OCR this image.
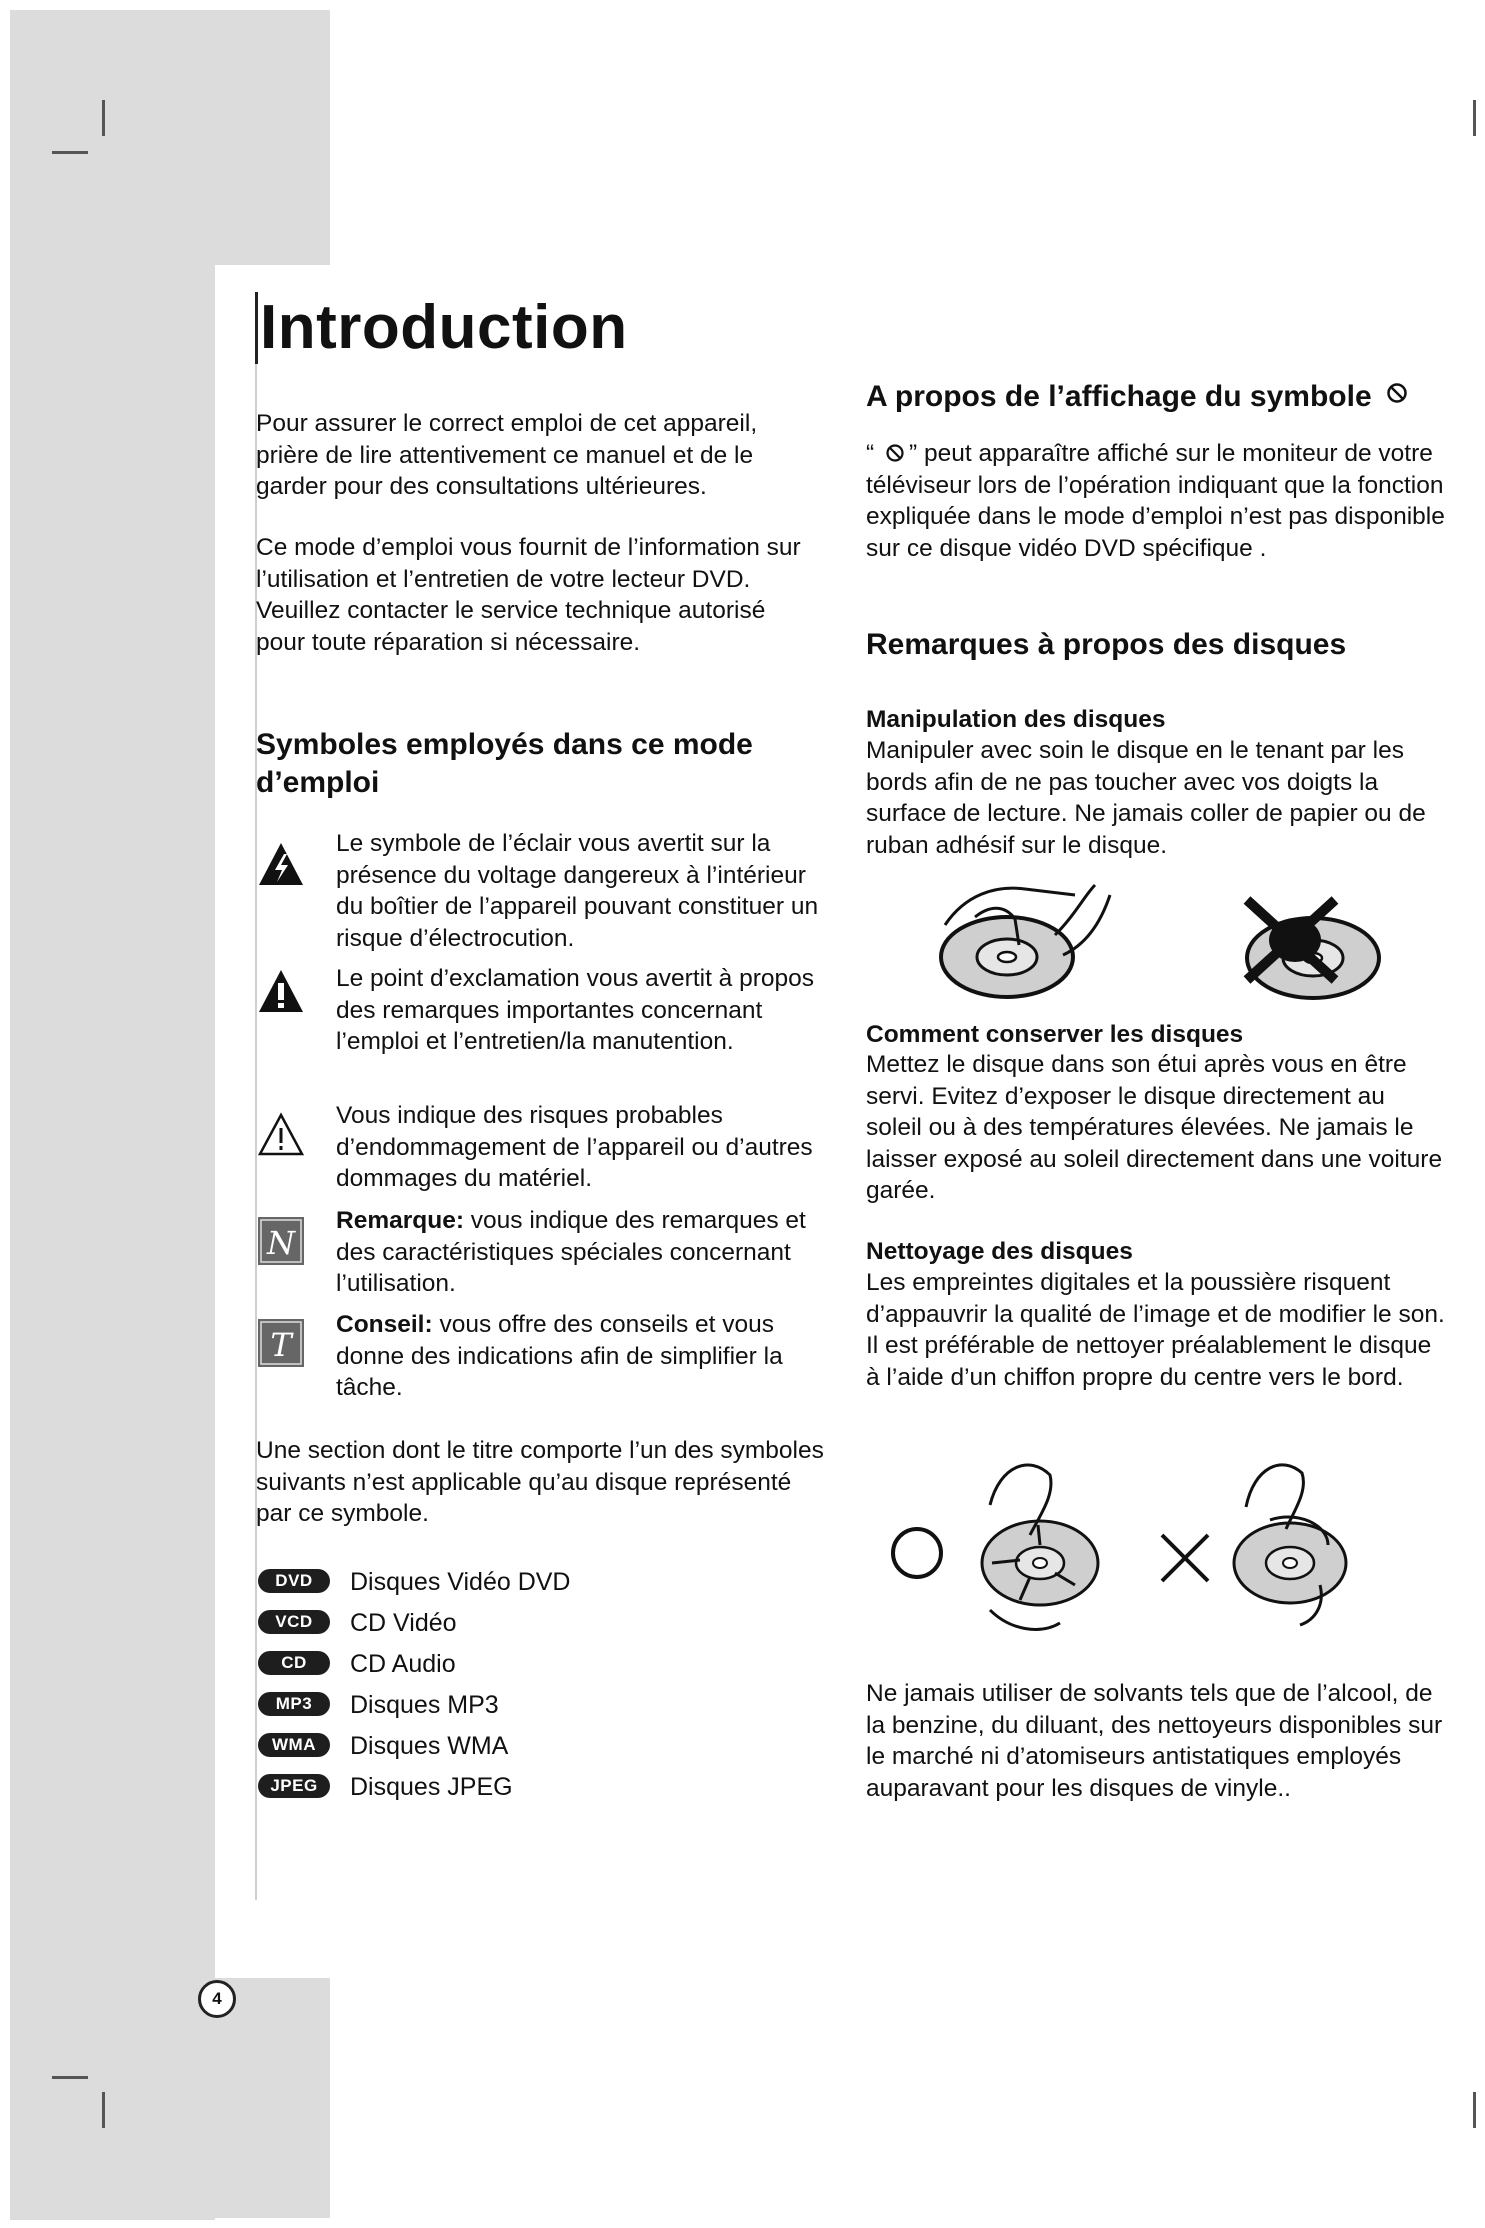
Introduction

Pour assurer le correct emploi de cet appareil, prière de lire attentivement ce manuel et de le garder pour des consultations ultérieures.

Ce mode d’emploi vous fournit de l’information sur l’utilisation et l’entretien de votre lecteur DVD. Veuillez contacter le service technique autorisé pour toute réparation si nécessaire.

Symboles employés dans ce mode d’emploi

Le symbole de l’éclair vous avertit sur la présence du voltage dangereux à l’intérieur du boîtier de l’appareil pouvant constituer un risque d’électrocution.

Le point d’exclamation vous avertit à propos des remarques importantes concernant l’emploi et l’entretien/la manutention.

Vous indique des risques probables d’endommagement de l’appareil ou d’autres dommages du matériel.

N

Remarque: vous indique des remarques et des caractéristiques spéciales concernant l’utilisation.

T

Conseil: vous offre des conseils et vous donne des indications afin de simplifier la tâche.

Une section dont le titre comporte l’un des symboles suivants n’est applicable qu’au disque représenté par ce symbole.

DVD	Disques Vidéo DVD
VCD	CD Vidéo
CD	CD Audio
MP3	Disques MP3
WMA	Disques WMA
JPEG	Disques JPEG
4
A propos de l’affichage du symbole

“ ” peut apparaître affiché sur le moniteur de votre téléviseur lors de l’opération indiquant que la fonction expliquée dans le mode d’emploi n’est pas disponible sur ce disque vidéo DVD spécifique .

Remarques à propos des disques
Manipulation des disques

Manipuler avec soin le disque en le tenant par les bords afin de ne pas toucher avec vos doigts la surface de lecture. Ne jamais coller de papier ou de ruban adhésif sur le disque.

Comment conserver les disques

Mettez le disque dans son étui après vous en être servi. Evitez d’exposer le disque directement au soleil ou à des températures élevées. Ne jamais le laisser exposé au soleil directement dans une voiture garée.

Nettoyage des disques

Les empreintes digitales et la poussière risquent d’appauvrir la qualité de l’image et de modifier le son. Il est préférable de nettoyer préalablement le disque à l’aide d’un chiffon propre du centre vers le bord.

Ne jamais utiliser de solvants tels que de l’alcool, de la benzine, du diluant, des nettoyeurs disponibles sur le marché ni d’atomiseurs antistatiques employés auparavant pour les disques de vinyle..
